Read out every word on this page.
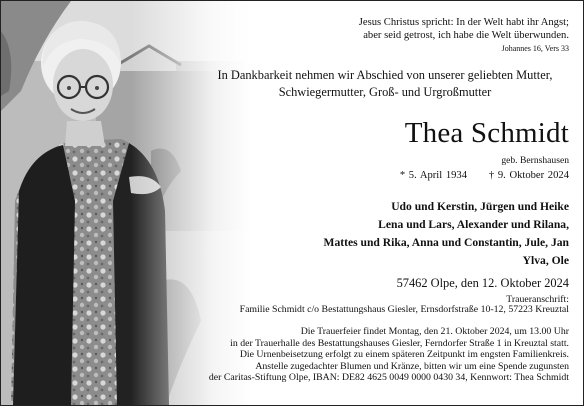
Jesus Christus spricht: In der Welt habt ihr Angst;
aber seid getrost, ich habe die Welt überwunden.
Johannes 16, Vers 33
In Dankbarkeit nehmen wir Abschied von unserer geliebten Mutter,
Schwiegermutter, Groß- und Urgroßmutter
Thea Schmidt
geb. Bernshausen
* 5. April 1934 † 9. Oktober 2024
Udo und Kerstin, Jürgen und Heike
Lena und Lars, Alexander und Rilana,
Mattes und Rika, Anna und Constantin, Jule, Jan
Ylva, Ole
57462 Olpe, den 12. Oktober 2024
Traueranschrift:
Familie Schmidt c/o Bestattungshaus Giesler, Ernsdorfstraße 10-12, 57223 Kreuztal
Die Trauerfeier findet Montag, den 21. Oktober 2024, um 13.00 Uhr
in der Trauerhalle des Bestattungshauses Giesler, Ferndorfer Straße 1 in Kreuztal statt.
Die Urnenbeisetzung erfolgt zu einem späteren Zeitpunkt im engsten Familienkreis.
Anstelle zugedachter Blumen und Kränze, bitten wir um eine Spende zugunsten
der Caritas-Stiftung Olpe, IBAN: DE82 4625 0049 0000 0430 34, Kennwort: Thea Schmidt
